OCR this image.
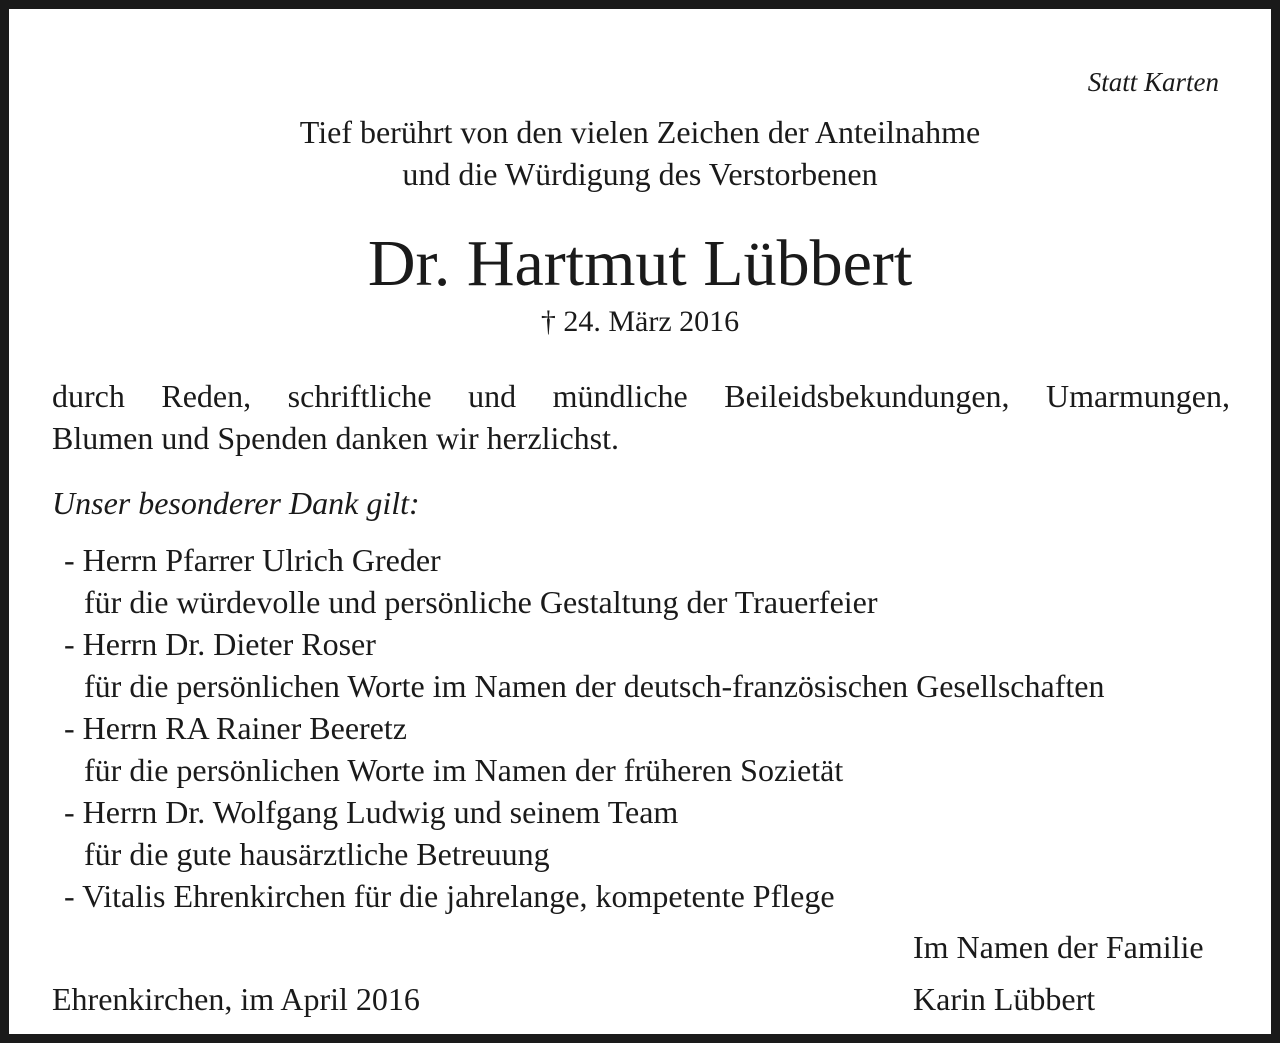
Statt Karten
Tief berührt von den vielen Zeichen der Anteilnahme
und die Würdigung des Verstorbenen
Dr. Hartmut Lübbert
† 24. März 2016
durch Reden, schriftliche und mündliche Beileidsbekundungen, Umarmungen,
Blumen und Spenden danken wir herzlichst.
Unser besonderer Dank gilt:
- Herrn Pfarrer Ulrich Greder
für die würdevolle und persönliche Gestaltung der Trauerfeier
- Herrn Dr. Dieter Roser
für die persönlichen Worte im Namen der deutsch-französischen Gesellschaften
- Herrn RA Rainer Beeretz
für die persönlichen Worte im Namen der früheren Sozietät
- Herrn Dr. Wolfgang Ludwig und seinem Team
für die gute hausärztliche Betreuung
- Vitalis Ehrenkirchen für die jahrelange, kompetente Pflege
Im Namen der Familie
Ehrenkirchen, im April 2016	Karin Lübbert
